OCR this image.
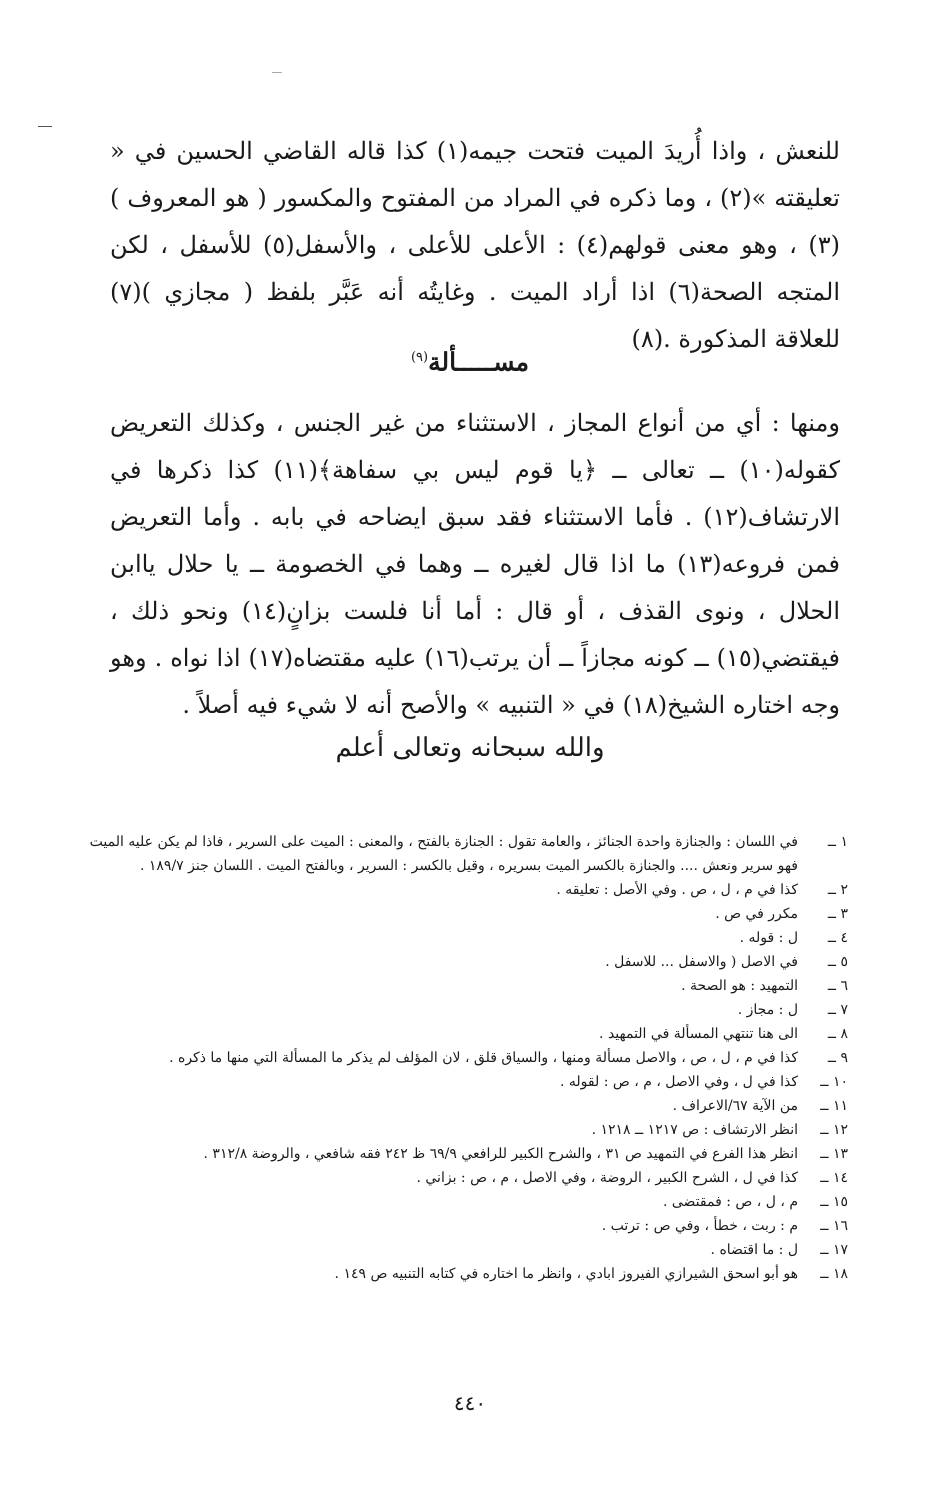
للنعش ، واذا أُريدَ الميت فتحت جيمه(١) كذا قاله القاضي الحسين في « تعليقته »(٢) ، وما ذكره في المراد من المفتوح والمكسور ( هو المعروف )(٣) ، وهو معنى قولهم(٤) : الأعلى للأعلى ، والأسفل(٥) للأسفل ، لكن المتجه الصحة(٦) اذا أراد الميت . وغايتُه أنه عَبَّر بلفظ ( مجازي )(٧) للعلاقة المذكورة .(٨)

مســـــألة$^{(٩)}$

ومنها : أي من أنواع المجاز ، الاستثناء من غير الجنس ، وكذلك التعريض كقوله(١٠) ــ تعالى ــ ﴿يا قوم ليس بي سفاهة﴾(١١) كذا ذكرها في الارتشاف(١٢) . فأما الاستثناء فقد سبق ايضاحه في بابه . وأما التعريض فمن فروعه(١٣) ما اذا قال لغيره ــ وهما في الخصومة ــ يا حلال ياابن الحلال ، ونوى القذف ، أو قال : أما أنا فلست بزانٍ(١٤) ونحو ذلك ، فيقتضي(١٥) ــ كونه مجازاً ــ أن يرتب(١٦) عليه مقتضاه(١٧) اذا نواه . وهو وجه اختاره الشيخ(١٨) في « التنبيه » والأصح أنه لا شيء فيه أصلاً .

والله سبحانه وتعالى أعلم
١ ــ
في اللسان : والجنازة واحدة الجنائز ، والعامة تقول : الجنازة بالفتح ، والمعنى : الميت على السرير ، فاذا لم يكن عليه الميت فهو سرير ونعش .... والجنازة بالكسر الميت بسريره ، وقيل بالكسر : السرير ، وبالفتح الميت . اللسان جنز ١٨٩/٧ .
٢ ــ
كذا في م ، ل ، ص . وفي الأصل : تعليقه .
٣ ــ
مكرر في ص .
٤ ــ
ل : قوله .
٥ ــ
في الاصل ( والاسفل ... للاسفل .
٦ ــ
التمهيد : هو الصحة .
٧ ــ
ل : مجاز .
٨ ــ
الى هنا تنتهي المسألة في التمهيد .
٩ ــ
كذا في م ، ل ، ص ، والاصل مسألة ومنها ، والسياق قلق ، لان المؤلف لم يذكر ما المسألة التي منها ما ذكره .
١٠ ــ
كذا في ل ، وفي الاصل ، م ، ص : لقوله .
١١ ــ
من الآية ٦٧/الاعراف .
١٢ ــ
انظر الارتشاف : ص ١٢١٧ ــ ١٢١٨ .
١٣ ــ
انظر هذا الفرع في التمهيد ص ٣١ ، والشرح الكبير للرافعي ٦٩/٩ ظ ٢٤٢ فقه شافعي ، والروضة ٣١٢/٨ .
١٤ ــ
كذا في ل ، الشرح الكبير ، الروضة ، وفي الاصل ، م ، ص : بزاني .
١٥ ــ
م ، ل ، ص : فمقتضى .
١٦ ــ
م : ربت ، خطأ ، وفي ص : ترتب .
١٧ ــ
ل : ما اقتضاه .
١٨ ــ
هو أبو اسحق الشيرازي الفيروز ابادي ، وانظر ما اختاره في كتابه التنبيه ص ١٤٩ .
٤٤٠
